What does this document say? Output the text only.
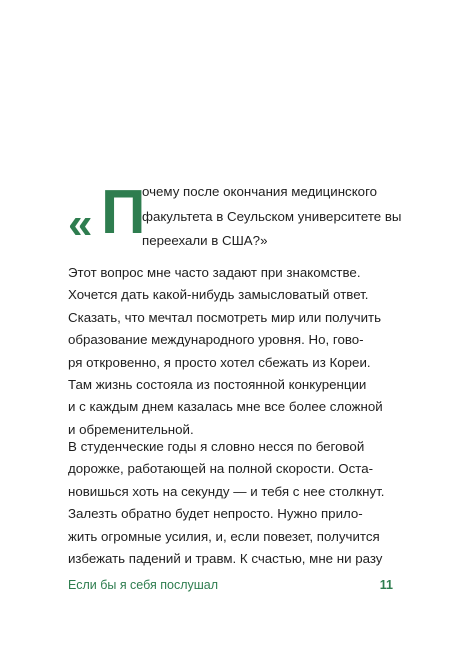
« П
очему после окончания медицинского
факультета в Сеульском университете вы
переехали в США?»

Этот вопрос мне часто задают при знакомстве.
Хочется дать какой-нибудь замысловатый ответ.
Сказать, что мечтал посмотреть мир или получить
образование международного уровня. Но, гово-
ря откровенно, я просто хотел сбежать из Кореи.
Там жизнь состояла из постоянной конкуренции
и с каждым днем казалась мне все более сложной
и обременительной.

В студенческие годы я словно несся по беговой
дорожке, работающей на полной скорости. Оста-
новишься хоть на секунду — и тебя с нее столкнут.
Залезть обратно будет непросто. Нужно прило-
жить огромные усилия, и, если повезет, получится
избежать падений и травм. К счастью, мне ни разу

Если бы я себя послушал	11
